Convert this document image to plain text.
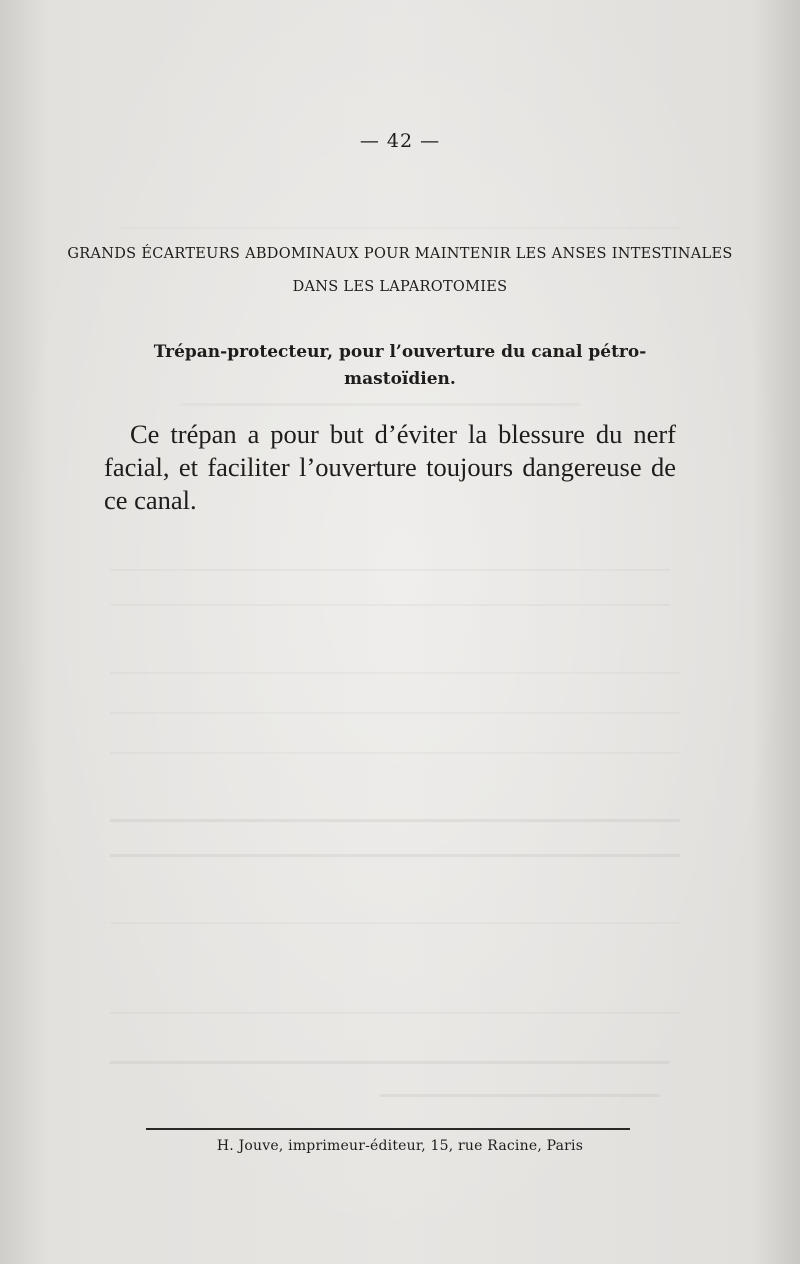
— 42 —
GRANDS ÉCARTEURS ABDOMINAUX POUR MAINTENIR LES ANSES INTESTINALES DANS LES LAPAROTOMIES
Trépan-protecteur, pour l’ouverture du canal pétro-mastoïdien.
Ce trépan a pour but d’éviter la blessure du nerf facial, et faciliter l’ouverture toujours dangereuse de ce canal.
H. Jouve, imprimeur-éditeur, 15, rue Racine, Paris
